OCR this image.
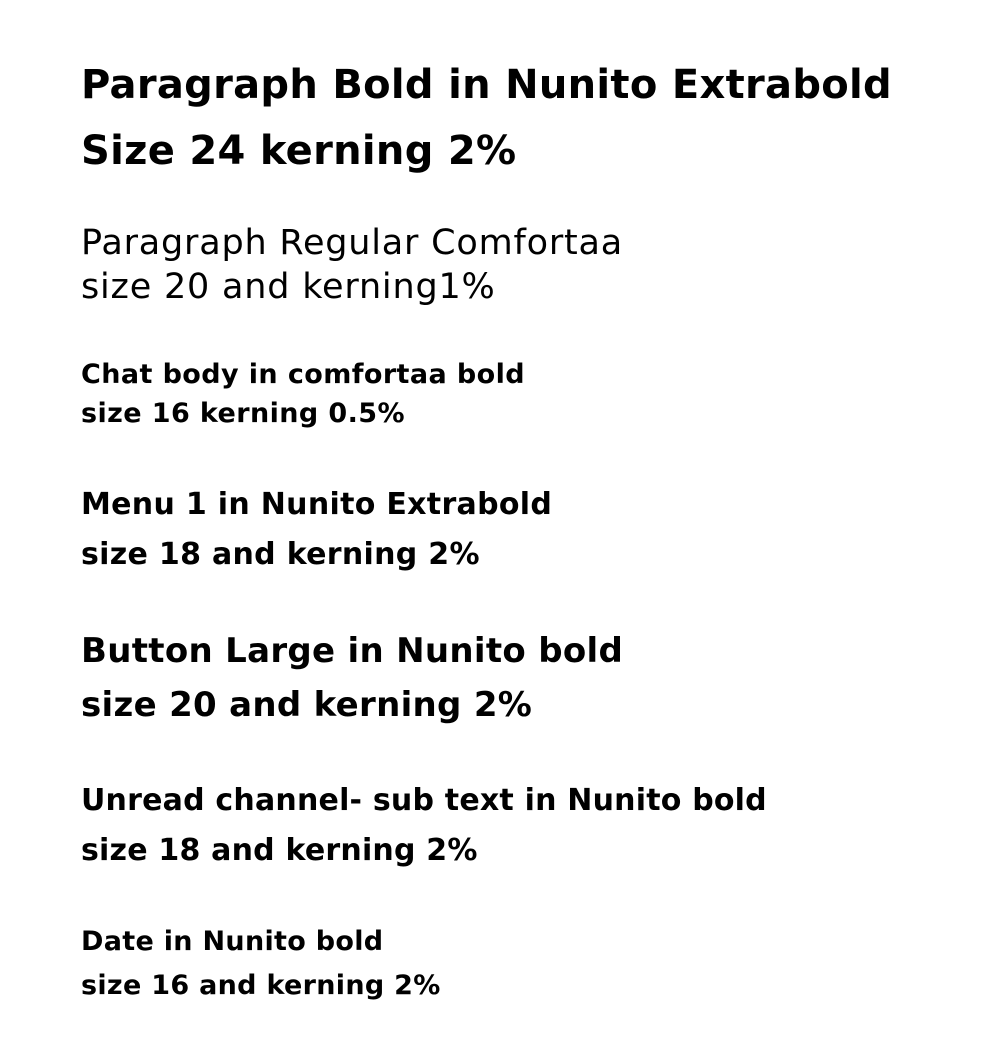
Paragraph Bold in Nunito Extrabold
Size 24 kerning 2%
Paragraph Regular Comfortaa
size 20 and kerning1%
Chat body in comfortaa bold
size 16 kerning 0.5%
Menu 1 in Nunito Extrabold
size 18 and kerning 2%
Button Large in Nunito bold
size 20 and kerning 2%
Unread channel- sub text in Nunito bold
size 18 and kerning 2%
Date in Nunito bold
size 16 and kerning 2%
